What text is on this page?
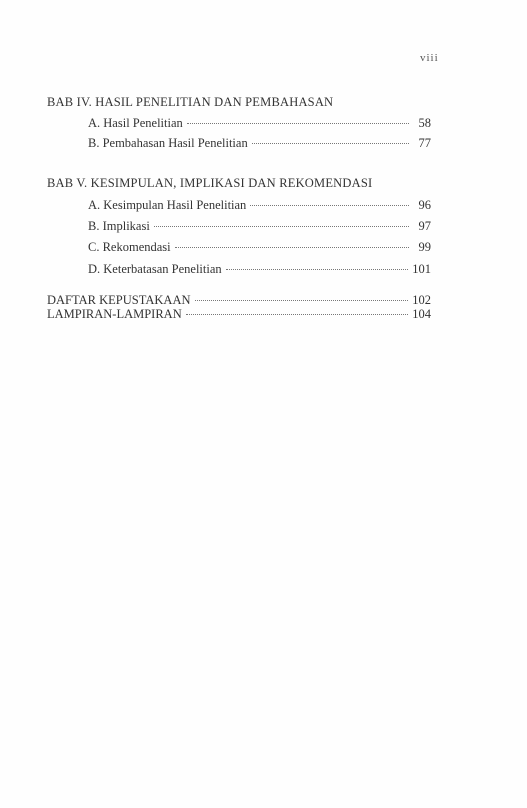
viii
BAB IV. HASIL PENELITIAN DAN PEMBAHASAN
A. Hasil Penelitian	58
B. Pembahasan Hasil Penelitian	77
BAB V. KESIMPULAN, IMPLIKASI DAN REKOMENDASI
A. Kesimpulan Hasil Penelitian	96
B. Implikasi	97
C. Rekomendasi	99
D. Keterbatasan Penelitian	101
DAFTAR KEPUSTAKAAN	102
LAMPIRAN-LAMPIRAN	104
